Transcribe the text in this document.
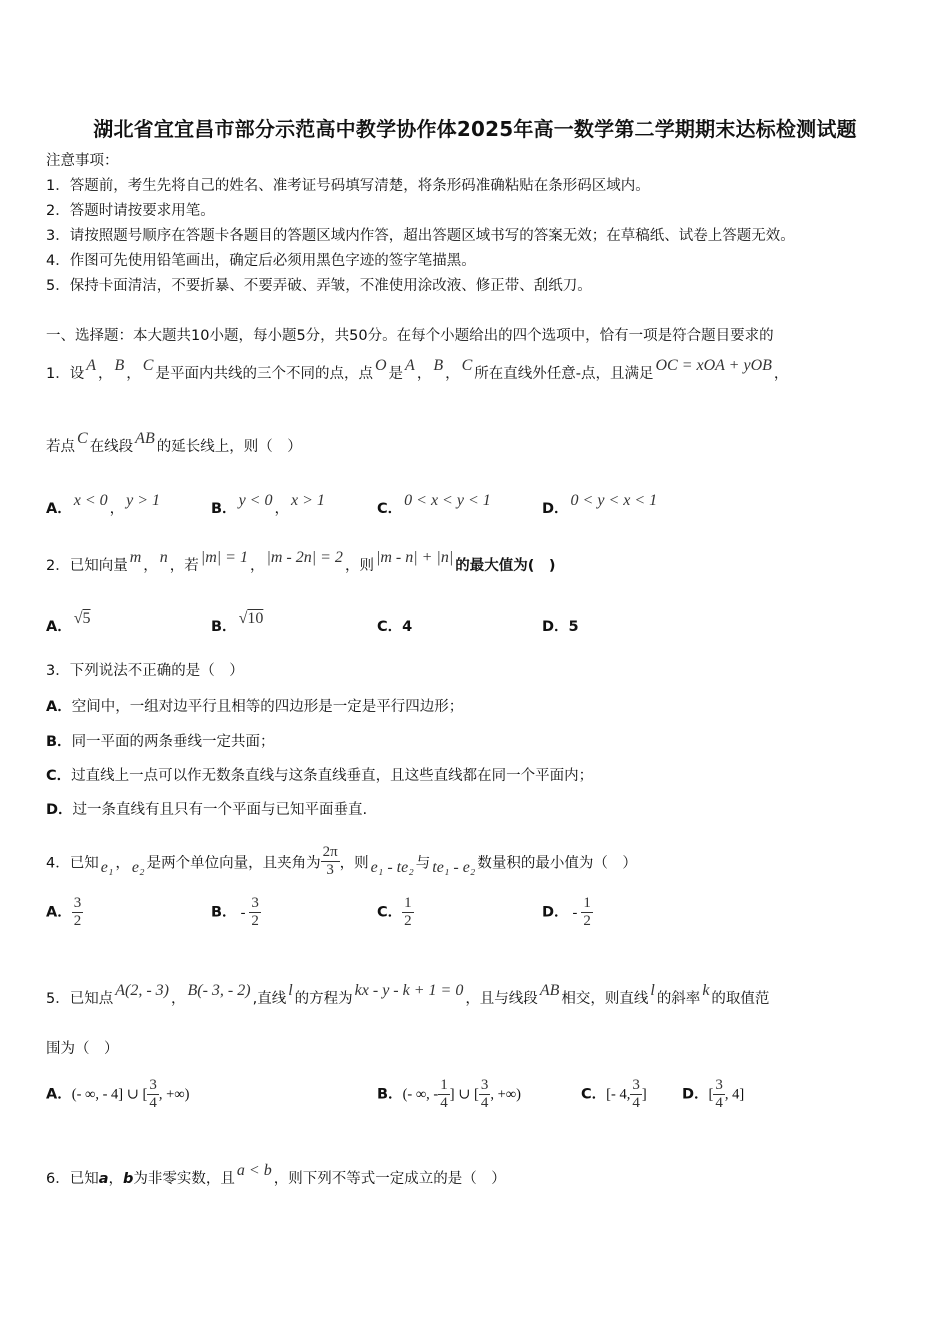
湖北省宜宜昌市部分示范高中教学协作体2025年高一数学第二学期期末达标检测试题
注意事项：
1．答题前，考生先将自己的姓名、准考证号码填写清楚，将条形码准确粘贴在条形码区域内。
2．答题时请按要求用笔。
3．请按照题号顺序在答题卡各题目的答题区域内作答，超出答题区域书写的答案无效；在草稿纸、试卷上答题无效。
4．作图可先使用铅笔画出，确定后必须用黑色字迹的签字笔描黑。
5．保持卡面清洁，不要折暴、不要弄破、弄皱，不准使用涂改液、修正带、刮纸刀。
一、选择题：本大题共10小题，每小题5分，共50分。在每个小题给出的四个选项中，恰有一项是符合题目要求的
1．设 A ， B ， C 是平面内共线的三个不同的点，点 O 是 A ， B ， C 所在直线外任意-点，且满足 OC = xOA + yOB ，
若点 C 在线段 AB 的延长线上，则（　）
A． x < 0 ， y > 1	B． y < 0 ， x > 1	C． 0 < x < y < 1	D． 0 < y < x < 1
2．已知向量 m ， n ，若 |m| = 1 ， |m - 2n| = 2 ，则 |m - n| + |n| 的最大值为(　)
A． √5	B． √10	C．4	D．5
3．下列说法不正确的是（　）
A．空间中，一组对边平行且相等的四边形是一定是平行四边形；
B．同一平面的两条垂线一定共面；
C．过直线上一点可以作无数条直线与这条直线垂直，且这些直线都在同一个平面内；
D．过一条直线有且只有一个平面与已知平面垂直.
4．已知 e₁ ， e₂ 是两个单位向量，且夹角为 $\frac{2\pi}{3}$ ，则 e₁ - te₂ 与 te₁ - e₂ 数量积的最小值为（　）
A． $\frac{3}{2}$	B． - $\frac{3}{2}$	C． $\frac{1}{2}$	D． - $\frac{1}{2}$
5．已知点 A(2, - 3) ， B(- 3, - 2) ,直线 l 的方程为 kx - y - k + 1 = 0 ，且与线段 AB 相交，则直线 l 的斜率 k 的取值范
围为（　）
A．(- ∞, - 4] ∪ [ $\frac{3}{4}$ , +∞)	B．(- ∞, - $\frac{1}{4}$ ] ∪ [ $\frac{3}{4}$ , +∞)	C．[- 4, $\frac{3}{4}$ ] D．[ $\frac{3}{4}$ , 4]
6．已知a，b为非零实数，且 a < b ，则下列不等式一定成立的是（　）
